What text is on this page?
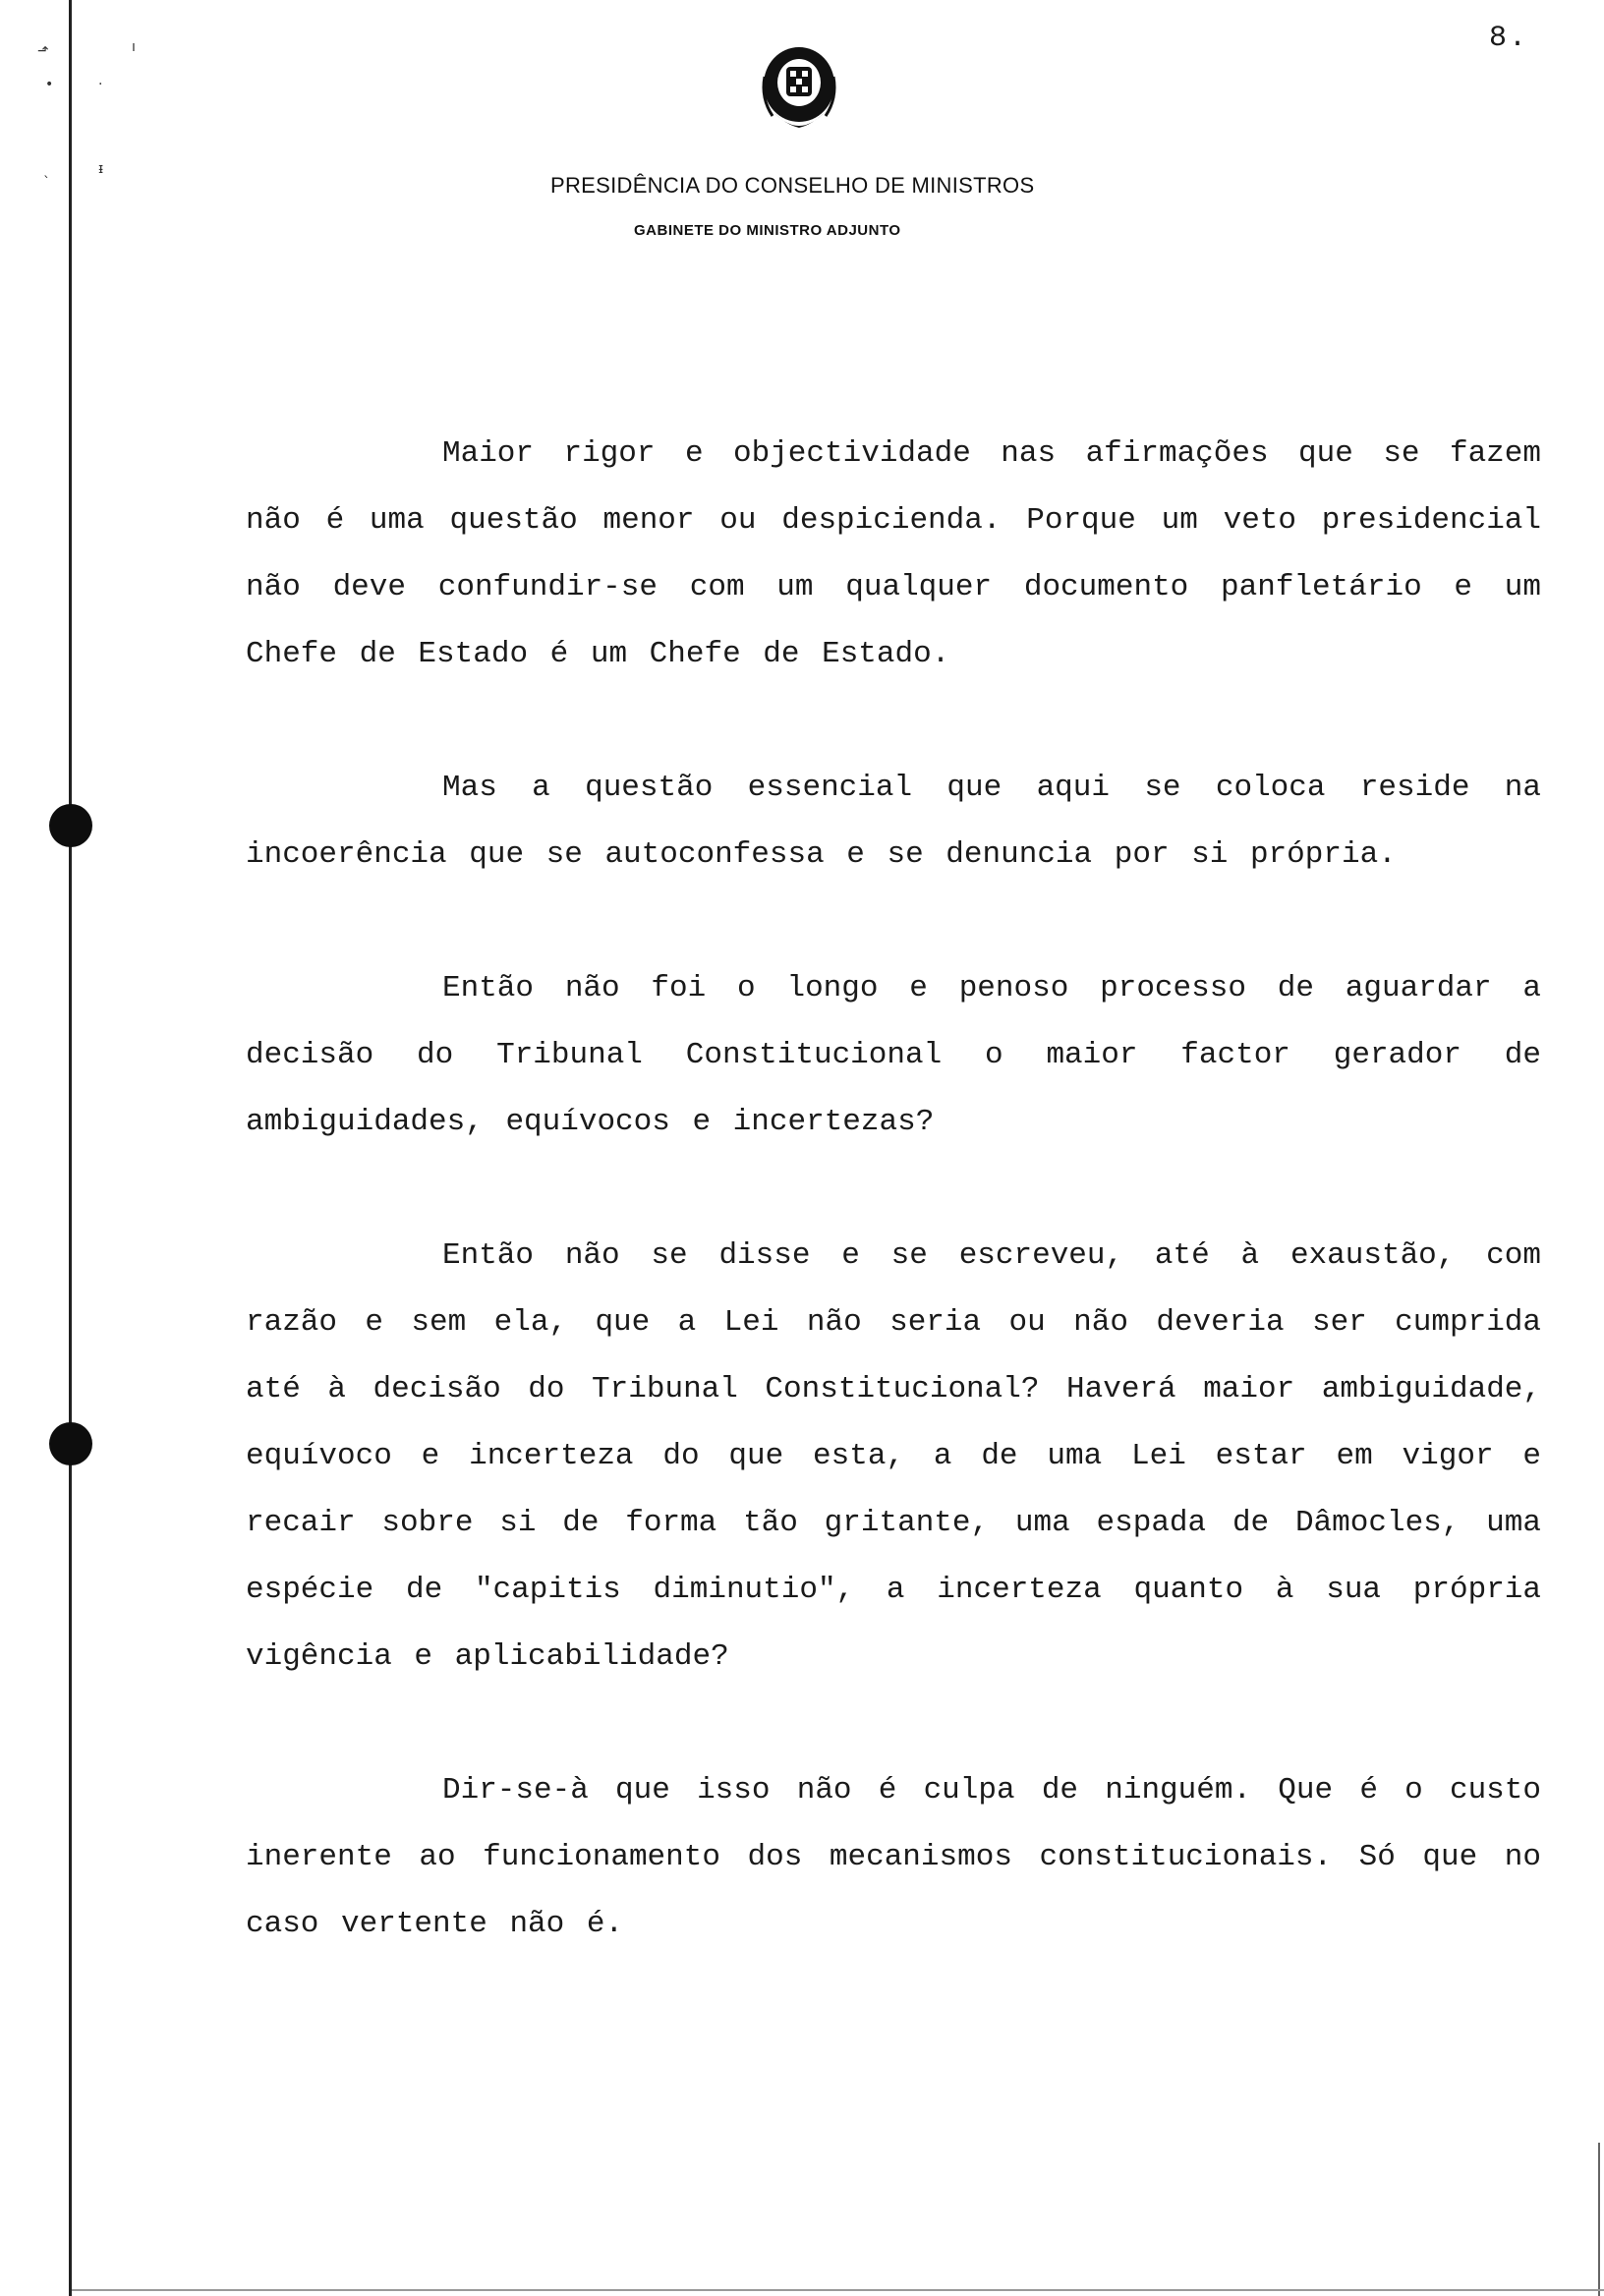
⬏
•
ı
·
`
ᵻ
8.
PRESIDÊNCIA DO CONSELHO DE MINISTROS
GABINETE DO MINISTRO ADJUNTO

Maior rigor e objectividade nas afirmações que se fazem não é uma questão menor ou despicienda. Porque um veto presidencial não deve confundir-se com um qualquer documento panfletário e um Chefe de Estado é um Chefe de Estado.

Mas a questão essencial que aqui se coloca reside na incoerência que se autoconfessa e se denuncia por si própria.

Então não foi o longo e penoso processo de aguardar a decisão do Tribunal Constitucional o maior factor gerador de ambiguidades, equívocos e incertezas?

Então não se disse e se escreveu, até à exaustão, com razão e sem ela, que a Lei não seria ou não deveria ser cumprida até à decisão do Tribunal Constitucional? Haverá maior ambiguidade, equívoco e incerteza do que esta, a de uma Lei estar em vigor e recair sobre si de forma tão gritante, uma espada de Dâmocles, uma espécie de "capitis diminutio", a incerteza quanto à sua própria vigência e aplicabilidade?

Dir-se-à que isso não é culpa de ninguém. Que é o custo inerente ao funcionamento dos mecanismos constitucionais. Só que no caso vertente não é.
